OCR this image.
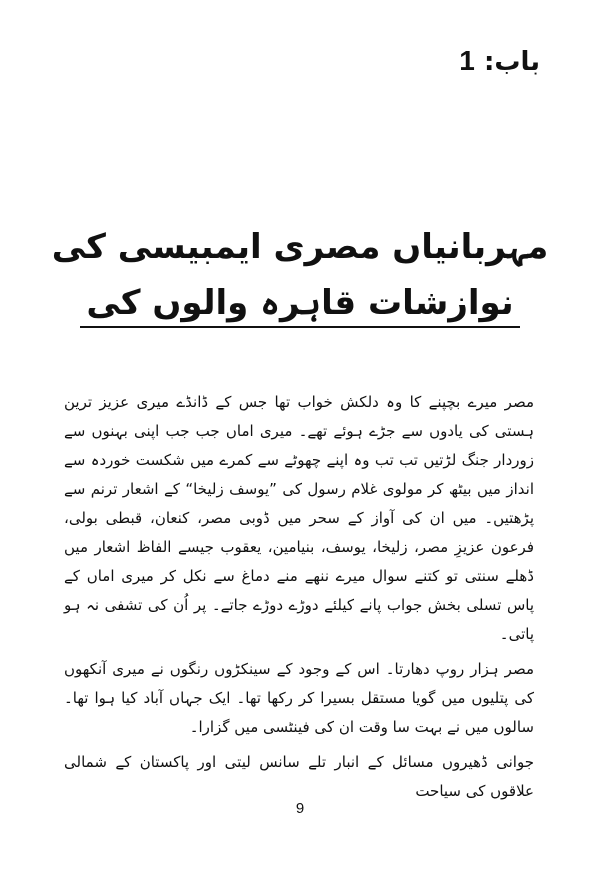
باب: 1
مہربانیاں مصری ایمبیسی کی
نوازشات قاہرہ والوں کی

مصر میرے بچپنے کا وہ دلکش خواب تھا جس کے ڈانڈے میری عزیز ترین ہستی کی یادوں سے جڑے ہوئے تھے۔ میری اماں جب جب اپنی بہنوں سے زوردار جنگ لڑتیں تب تب وہ اپنے چھوٹے سے کمرے میں شکست خوردہ سے انداز میں بیٹھ کر مولوی غلام رسول کی ”یوسف زلیخا“ کے اشعار ترنم سے پڑھتیں۔ میں ان کی آواز کے سحر میں ڈوبی مصر، کنعان، قبطی بولی، فرعون عزیزِ مصر، زلیخا، یوسف، بنیامین، یعقوب جیسے الفاظ اشعار میں ڈھلے سنتی تو کتنے سوال میرے ننھے منے دماغ سے نکل کر میری اماں کے پاس تسلی بخش جواب پانے کیلئے دوڑے دوڑے جاتے۔ پر اُن کی تشفی نہ ہو پاتی۔

مصر ہزار روپ دھارتا۔ اس کے وجود کے سینکڑوں رنگوں نے میری آنکھوں کی پتلیوں میں گویا مستقل بسیرا کر رکھا تھا۔ ایک جہاں آباد کیا ہوا تھا۔ سالوں میں نے بہت سا وقت ان کی فینٹسی میں گزارا۔

جوانی ڈھیروں مسائل کے انبار تلے سانس لیتی اور پاکستان کے شمالی علاقوں کی سیاحت

9
